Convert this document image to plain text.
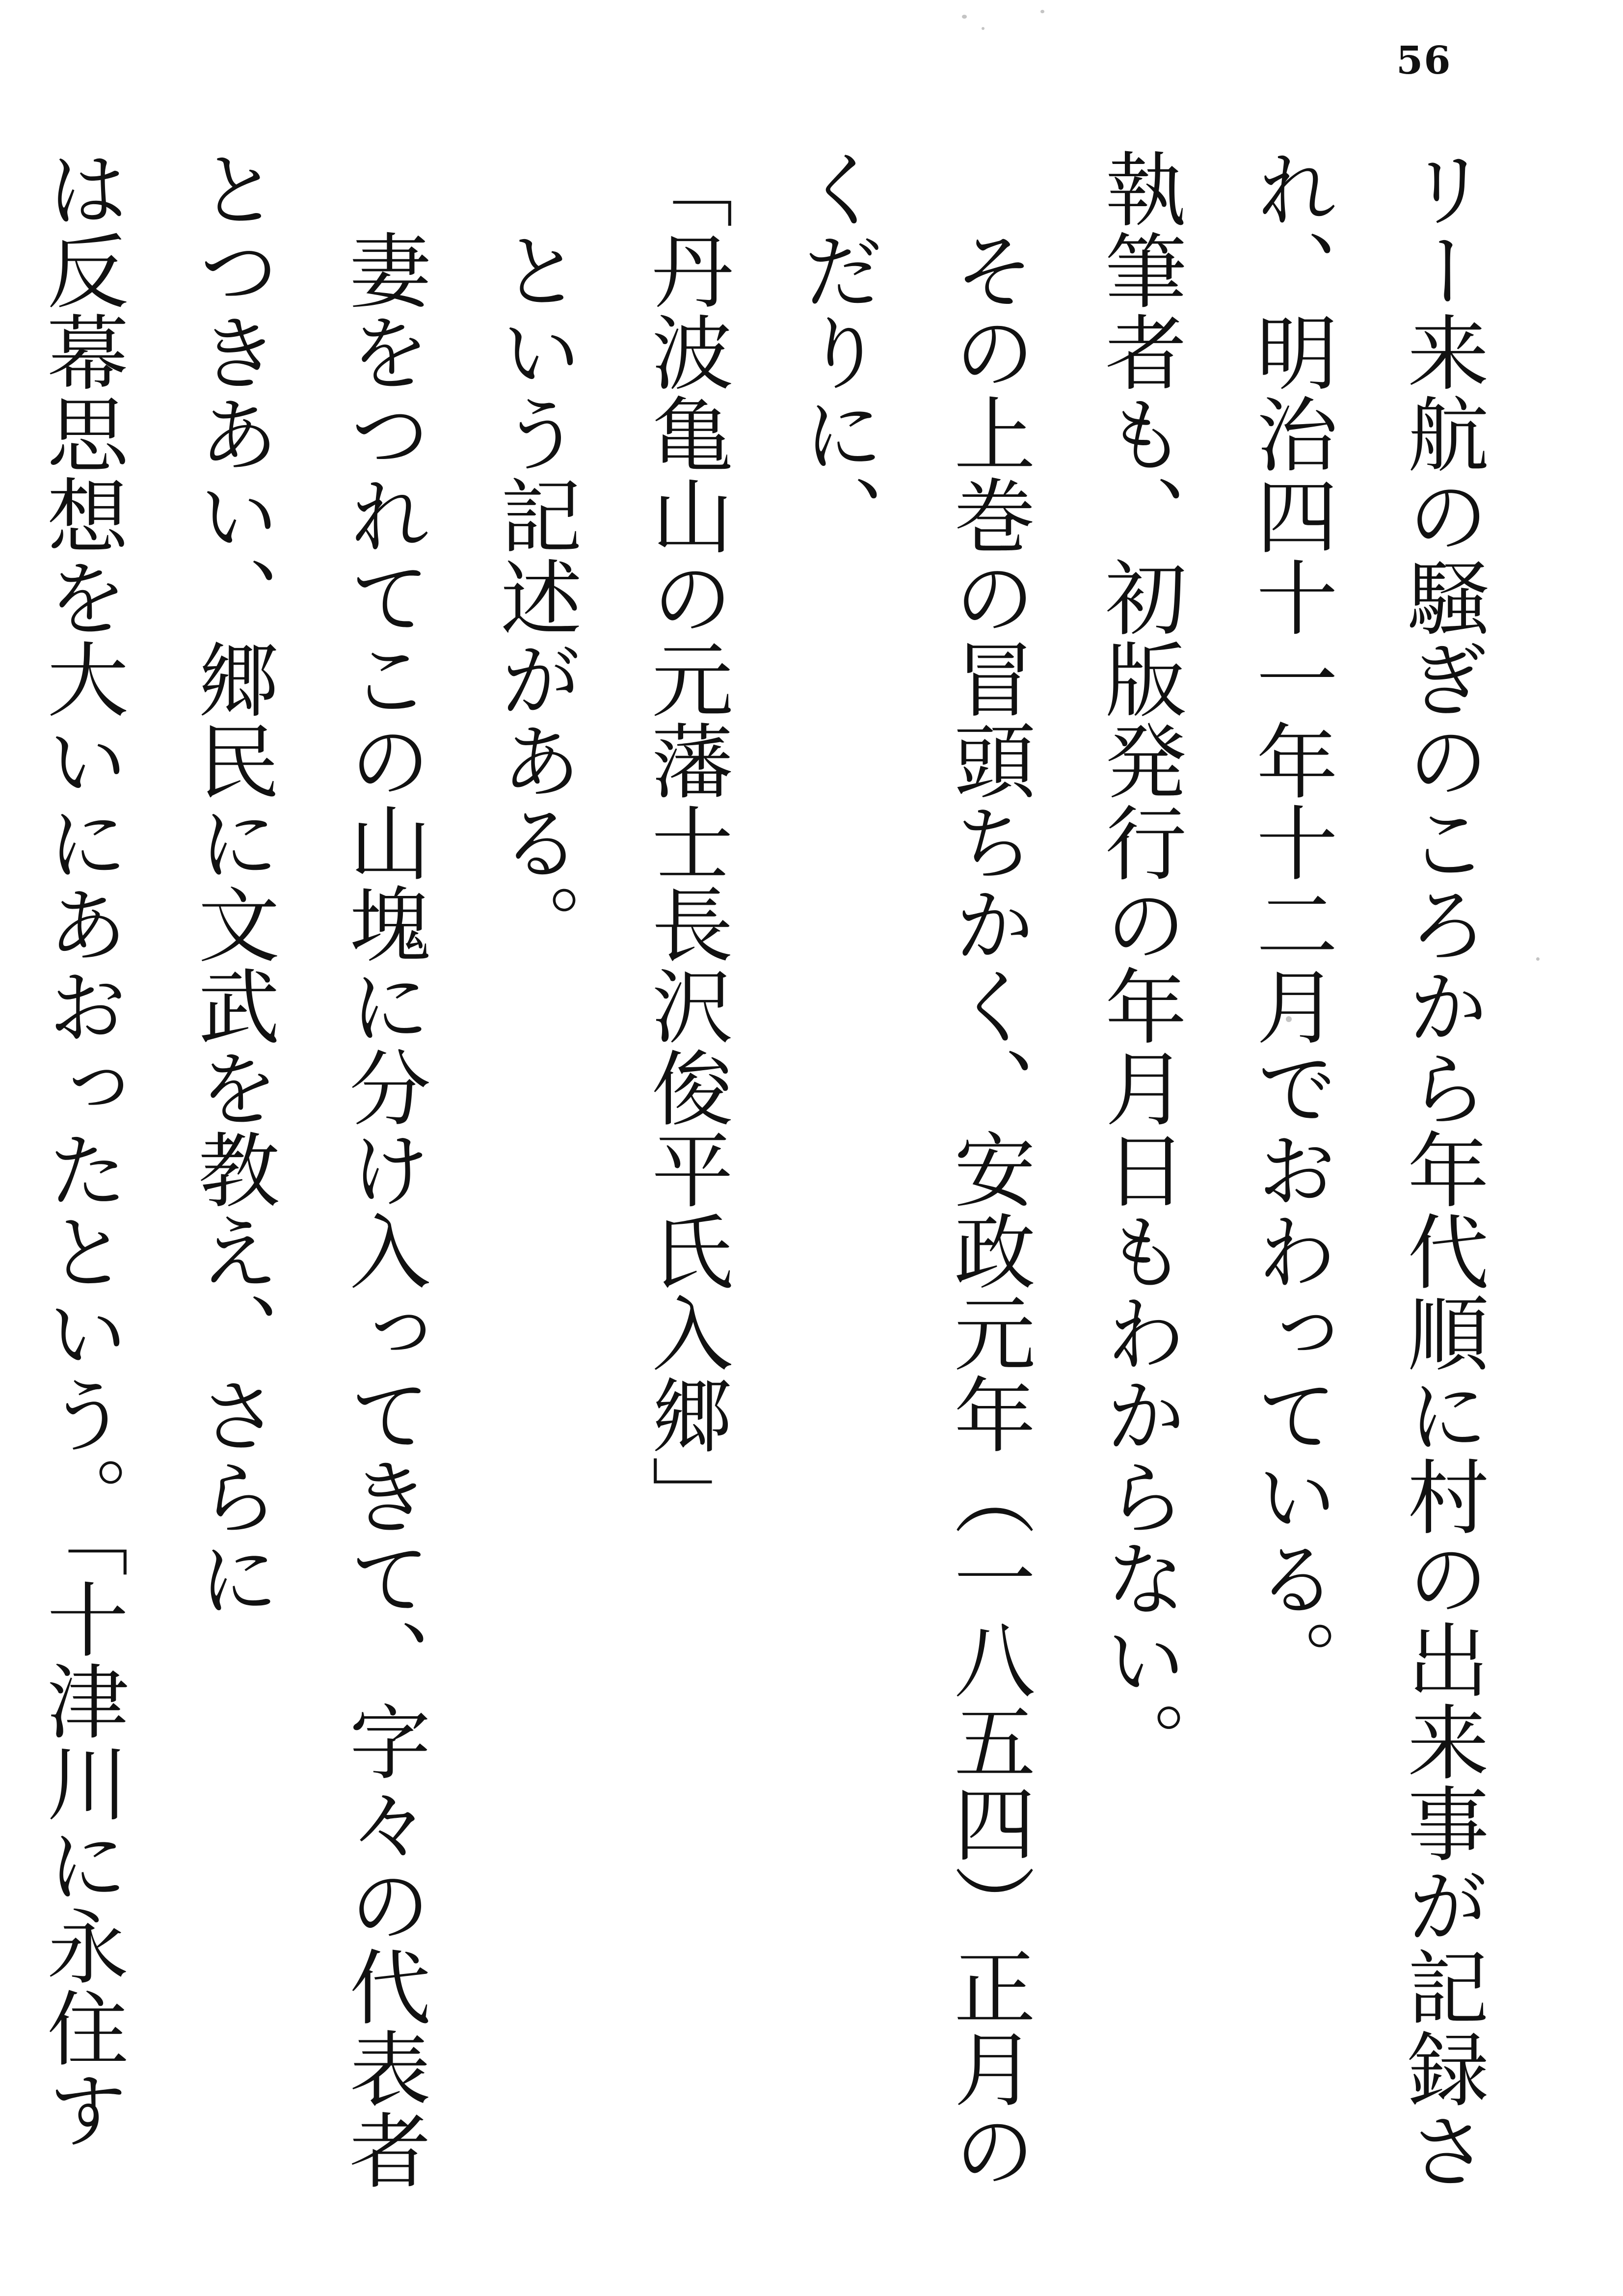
56
リー来航の騒ぎのころから年代順に村の出来事が記録され、明治四十一年十二月でおわっている。
執筆者も、初版発行の年月日もわからない。
その上巻の冒頭ちかく、安政元年（一八五四）正月のくだりに、
「丹波亀山の元藩士長沢俊平氏入郷」
という記述がある。
妻をつれてこの山塊に分け入ってきて、字々の代表者とつきあい、郷民に文武を教え、さらに
は反幕思想を大いにあおったという。「十津川に永住す
